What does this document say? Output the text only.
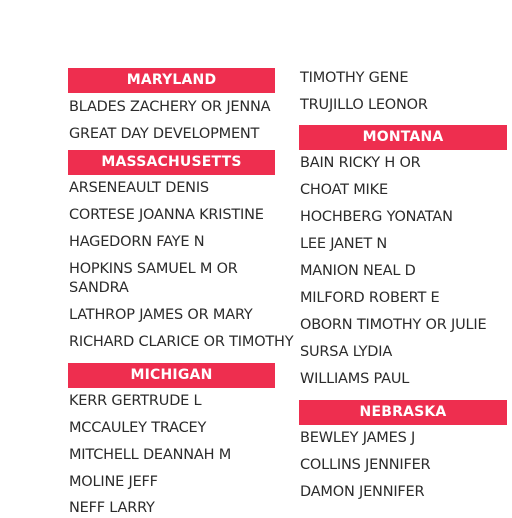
MARYLAND
BLADES ZACHERY OR JENNA
GREAT DAY DEVELOPMENT
MASSACHUSETTS
ARSENEAULT DENIS
CORTESE JOANNA KRISTINE
HAGEDORN FAYE N
HOPKINS SAMUEL M OR SANDRA
LATHROP JAMES OR MARY
RICHARD CLARICE OR TIMOTHY
MICHIGAN
KERR GERTRUDE L
MCCAULEY TRACEY
MITCHELL DEANNAH M
MOLINE JEFF
NEFF LARRY
TIMOTHY GENE
TRUJILLO LEONOR
MONTANA
BAIN RICKY H OR
CHOAT MIKE
HOCHBERG YONATAN
LEE JANET N
MANION NEAL D
MILFORD ROBERT E
OBORN TIMOTHY OR JULIE
SURSA LYDIA
WILLIAMS PAUL
NEBRASKA
BEWLEY JAMES J
COLLINS JENNIFER
DAMON JENNIFER
